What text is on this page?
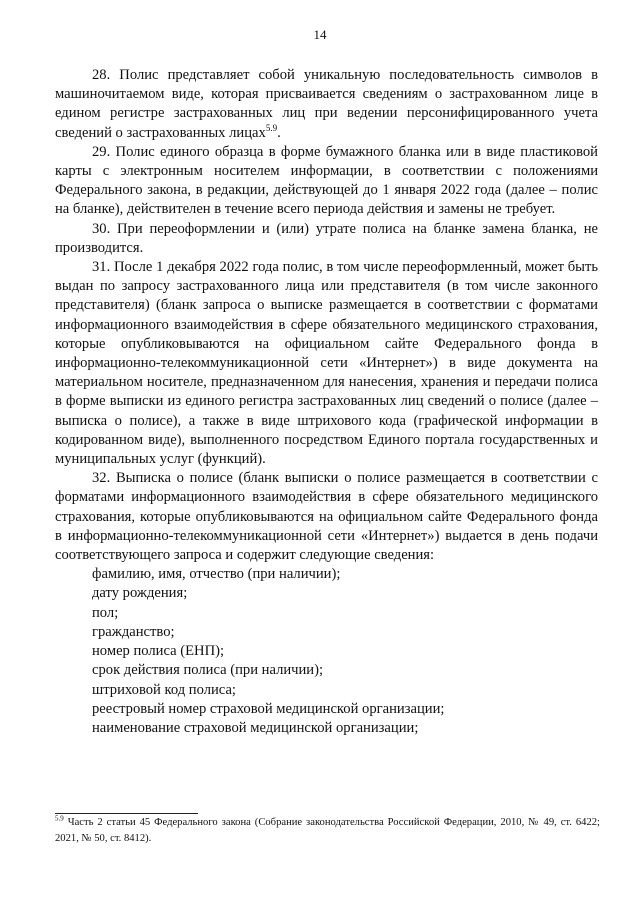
14

28. Полис представляет собой уникальную последовательность символов в машиночитаемом виде, которая присваивается сведениям о застрахованном лице в едином регистре застрахованных лиц при ведении персонифицированного учета сведений о застрахованных лицах$^{5.9}$.

29. Полис единого образца в форме бумажного бланка или в виде пластиковой карты с электронным носителем информации, в соответствии с положениями Федерального закона, в редакции, действующей до 1 января 2022 года (далее – полис на бланке), действителен в течение всего периода действия и замены не требует.

30. При переоформлении и (или) утрате полиса на бланке замена бланка, не производится.

31. После 1 декабря 2022 года полис, в том числе переоформленный, может быть выдан по запросу застрахованного лица или представителя (в том числе законного представителя) (бланк запроса о выписке размещается в соответствии с форматами информационного взаимодействия в сфере обязательного медицинского страхования, которые опубликовываются на официальном сайте Федерального фонда в информационно-телекоммуникационной сети «Интернет») в виде документа на материальном носителе, предназначенном для нанесения, хранения и передачи полиса в форме выписки из единого регистра застрахованных лиц сведений о полисе (далее – выписка о полисе), а также в виде штрихового кода (графической информации в кодированном виде), выполненного посредством Единого портала государственных и муниципальных услуг (функций).

32. Выписка о полисе (бланк выписки о полисе размещается в соответствии с форматами информационного взаимодействия в сфере обязательного медицинского страхования, которые опубликовываются на официальном сайте Федерального фонда в информационно-телекоммуникационной сети «Интернет») выдается в день подачи соответствующего запроса и содержит следующие сведения:

фамилию, имя, отчество (при наличии);

дату рождения;

пол;

гражданство;

номер полиса (ЕНП);

срок действия полиса (при наличии);

штриховой код полиса;

реестровый номер страховой медицинской организации;

наименование страховой медицинской организации;

$^{5.9}$ Часть 2 статьи 45 Федерального закона (Собрание законодательства Российской Федерации, 2010, № 49, ст. 6422; 2021, № 50, ст. 8412).
